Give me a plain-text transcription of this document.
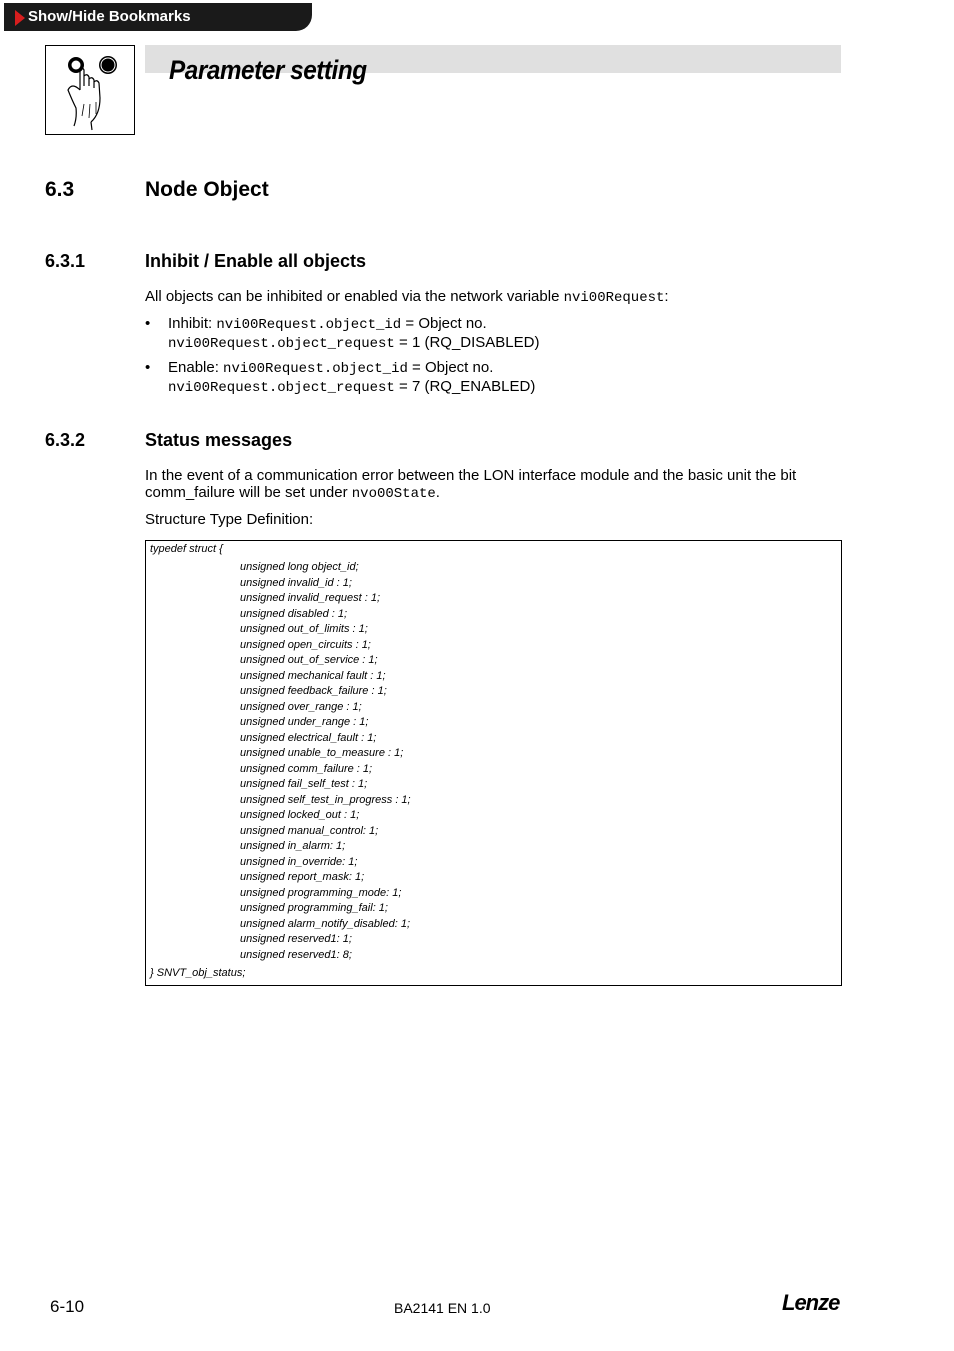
Show/Hide Bookmarks
Parameter setting
6.3	Node Object
6.3.1	Inhibit / Enable all objects
All objects can be inhibited or enabled via the network variable nvi00Request:
• Inhibit: nvi00Request.object_id = Object no.
nvi00Request.object_request = 1 (RQ_DISABLED)
• Enable: nvi00Request.object_id = Object no.
nvi00Request.object_request = 7 (RQ_ENABLED)
6.3.2	Status messages
In the event of a communication error between the LON interface module and the basic unit the bit comm_failure will be set under nvo00State.
Structure Type Definition:
typedef struct {
unsigned long object_id;
unsigned invalid_id : 1;
unsigned invalid_request : 1;
unsigned disabled : 1;
unsigned out_of_limits : 1;
unsigned open_circuits : 1;
unsigned out_of_service : 1;
unsigned mechanical fault : 1;
unsigned feedback_failure : 1;
unsigned over_range : 1;
unsigned under_range : 1;
unsigned electrical_fault : 1;
unsigned unable_to_measure : 1;
unsigned comm_failure : 1;
unsigned fail_self_test : 1;
unsigned self_test_in_progress : 1;
unsigned locked_out : 1;
unsigned manual_control: 1;
unsigned in_alarm: 1;
unsigned in_override: 1;
unsigned report_mask: 1;
unsigned programming_mode: 1;
unsigned programming_fail: 1;
unsigned alarm_notify_disabled: 1;
unsigned reserved1: 1;
unsigned reserved1: 8;
} SNVT_obj_status;
6-10	BA2141 EN 1.0	Lenze
